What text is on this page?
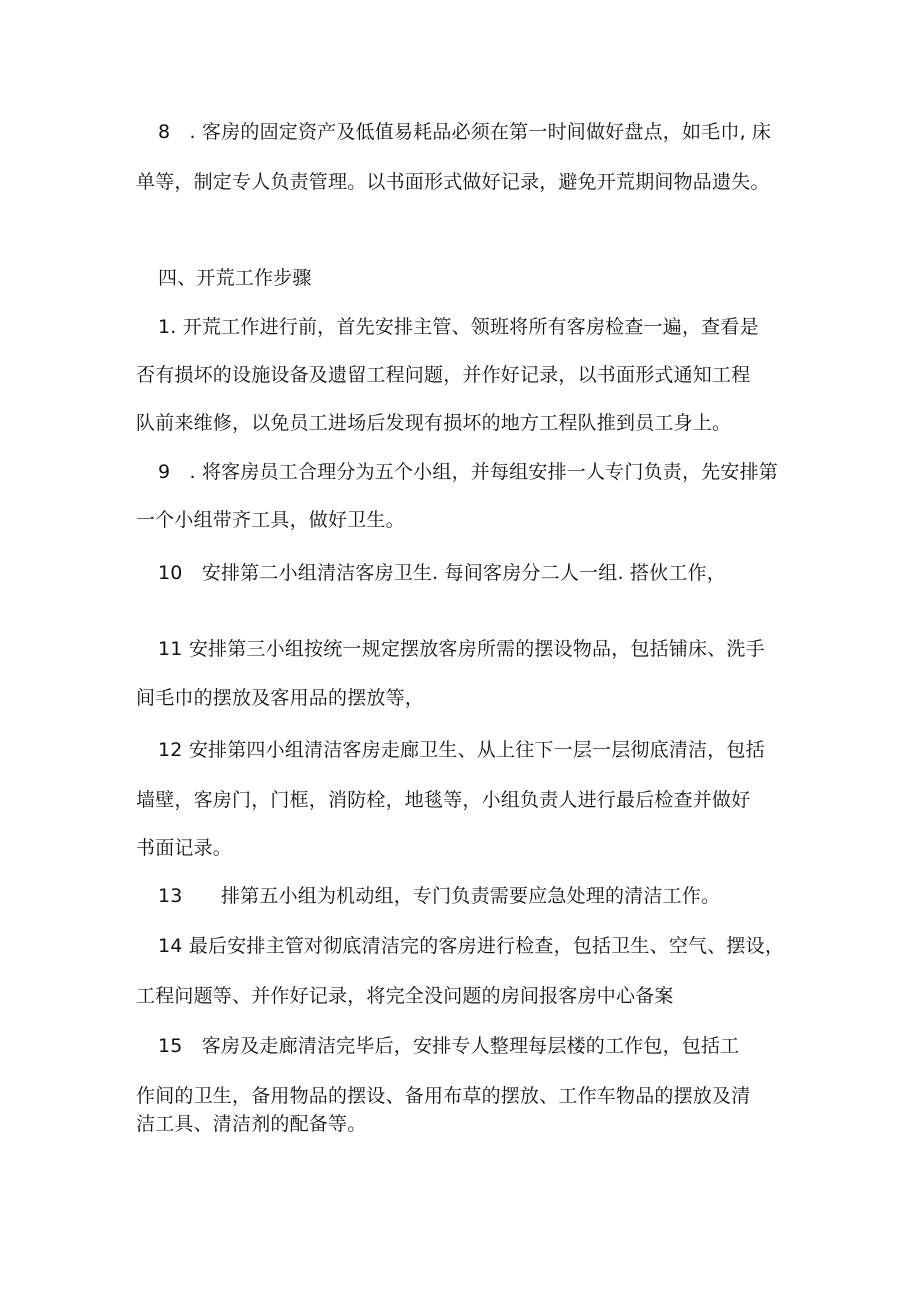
8　. 客房的固定资产及低值易耗品必须在第一时间做好盘点，如毛巾, 床
单等，制定专人负责管理。以书面形式做好记录，避免开荒期间物品遗失。
四、开荒工作步骤
1. 开荒工作进行前，首先安排主管、领班将所有客房检查一遍，查看是
否有损坏的设施设备及遗留工程问题，并作好记录，以书面形式通知工程
队前来维修，以免员工进场后发现有损坏的地方工程队推到员工身上。
9　. 将客房员工合理分为五个小组，并每组安排一人专门负责，先安排第
一个小组带齐工具，做好卫生。
10　安排第二小组清洁客房卫生. 每间客房分二人一组. 搭伙工作，
11 安排第三小组按统一规定摆放客房所需的摆设物品，包括铺床、洗手
间毛巾的摆放及客用品的摆放等，
12 安排第四小组清洁客房走廊卫生、从上往下一层一层彻底清洁，包括
墙壁，客房门，门框，消防栓，地毯等，小组负责人进行最后检查并做好
书面记录。
13　　排第五小组为机动组，专门负责需要应急处理的清洁工作。
14 最后安排主管对彻底清洁完的客房进行检查，包括卫生、空气、摆设，
工程问题等、并作好记录，将完全没问题的房间报客房中心备案
15　客房及走廊清洁完毕后，安排专人整理每层楼的工作包，包括工
作间的卫生，备用物品的摆设、备用布草的摆放、工作车物品的摆放及清
洁工具、清洁剂的配备等。
